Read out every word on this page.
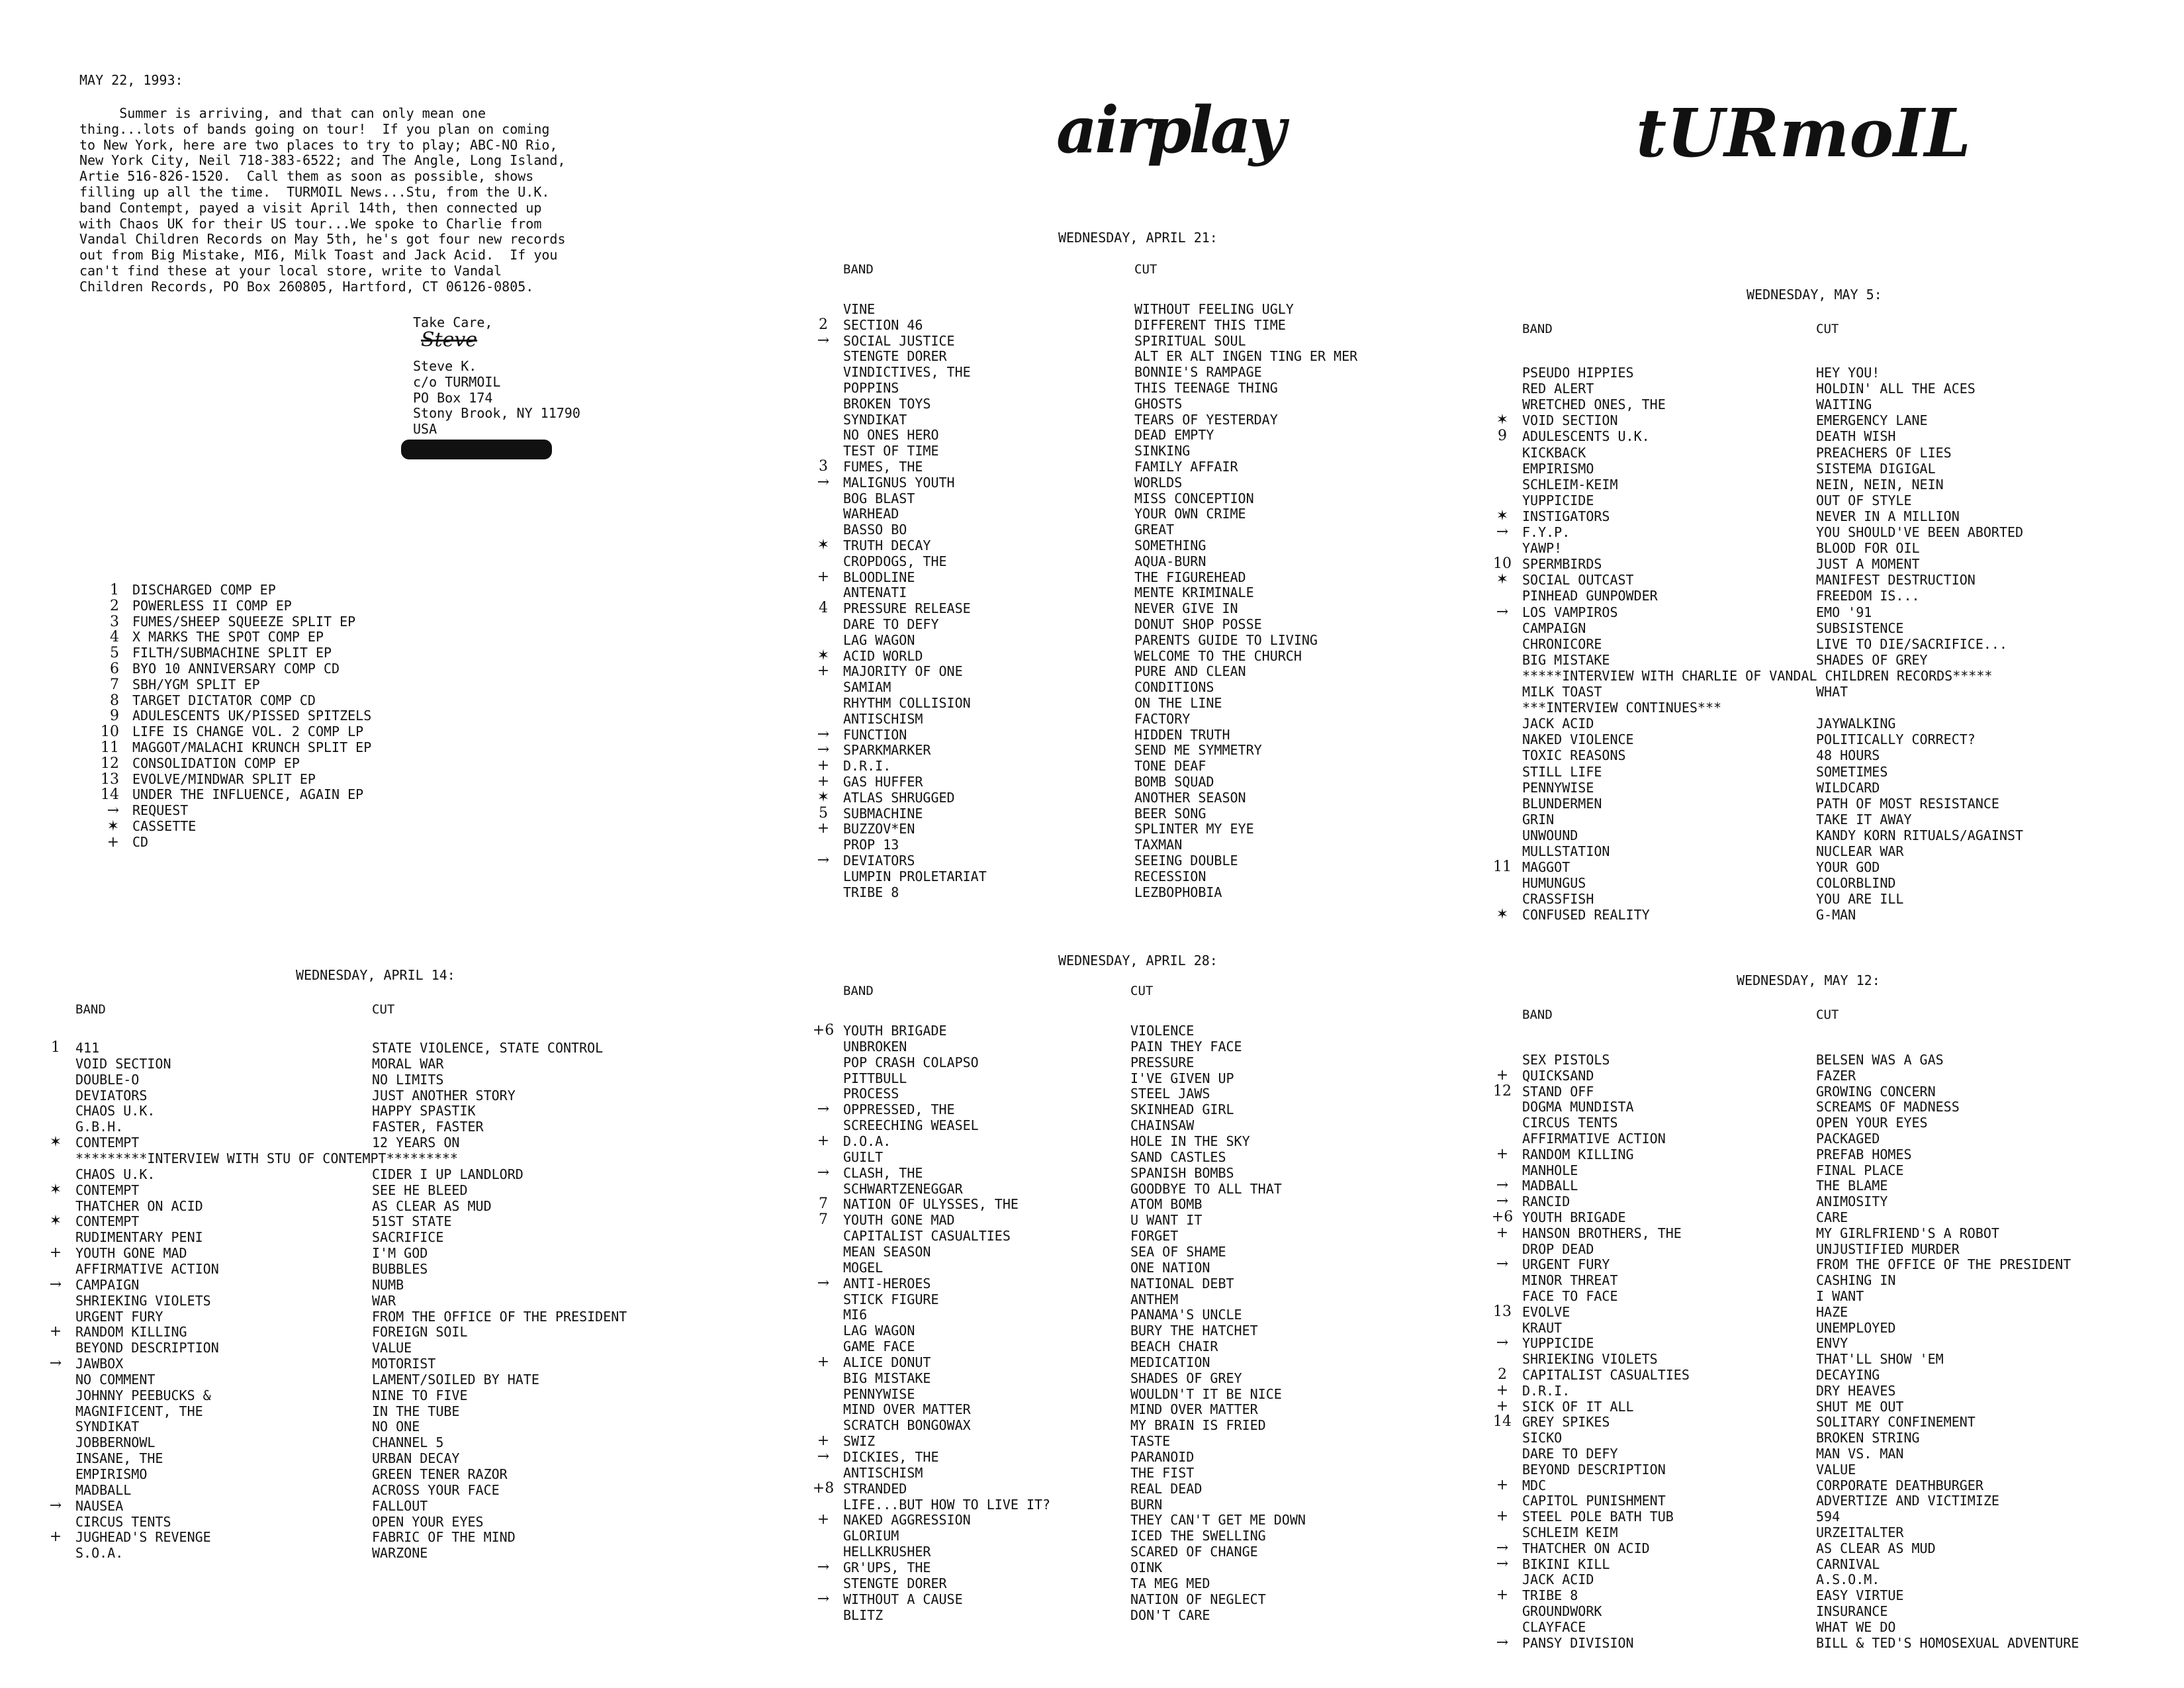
MAY 22, 1993:
Summer is arriving, and that can only mean one
thing...lots of bands going on tour!  If you plan on coming
to New York, here are two places to try to play; ABC-NO Rio,
New York City, Neil 718-383-6522; and The Angle, Long Island,
Artie 516-826-1520.  Call them as soon as possible, shows
filling up all the time.  TURMOIL News...Stu, from the U.K.
band Contempt, payed a visit April 14th, then connected up
with Chaos UK for their US tour...We spoke to Charlie from
Vandal Children Records on May 5th, he's got four new records
out from Big Mistake, MI6, Milk Toast and Jack Acid.  If you
can't find these at your local store, write to Vandal
Children Records, PO Box 260805, Hartford, CT 06126-0805.
Take Care,
Steve
Steve K.
c/o TURMOIL
PO Box 174
Stony Brook, NY 11790
USA
airplay	tURmoIL
1 DISCHARGED COMP EP
2 POWERLESS II COMP EP
3 FUMES/SHEEP SQUEEZE SPLIT EP
4 X MARKS THE SPOT COMP EP
5 FILTH/SUBMACHINE SPLIT EP
6 BYO 10 ANNIVERSARY COMP CD
7 SBH/YGM SPLIT EP
8 TARGET DICTATOR COMP CD
9 ADULESCENTS UK/PISSED SPITZELS
10 LIFE IS CHANGE VOL. 2 COMP LP
11 MAGGOT/MALACHI KRUNCH SPLIT EP
12 CONSOLIDATION COMP EP
13 EVOLVE/MINDWAR SPLIT EP
14 UNDER THE INFLUENCE, AGAIN EP
→ REQUEST
✶ CASSETTE
+ CD
WEDNESDAY, APRIL 14:
BAND	CUT
1	411	STATE VIOLENCE, STATE CONTROL
VOID SECTION	MORAL WAR
DOUBLE-O	NO LIMITS
DEVIATORS	JUST ANOTHER STORY
CHAOS U.K.	HAPPY SPASTIK
G.B.H.	FASTER, FASTER
✶	CONTEMPT	12 YEARS ON
*********INTERVIEW WITH STU OF CONTEMPT*********
CHAOS U.K.	CIDER I UP LANDLORD
✶	CONTEMPT	SEE HE BLEED
THATCHER ON ACID	AS CLEAR AS MUD
✶	CONTEMPT	51ST STATE
RUDIMENTARY PENI	SACRIFICE
+	YOUTH GONE MAD	I'M GOD
AFFIRMATIVE ACTION	BUBBLES
→	CAMPAIGN	NUMB
SHRIEKING VIOLETS	WAR
URGENT FURY	FROM THE OFFICE OF THE PRESIDENT
+	RANDOM KILLING	FOREIGN SOIL
BEYOND DESCRIPTION	VALUE
→	JAWBOX	MOTORIST
NO COMMENT	LAMENT/SOILED BY HATE
JOHNNY PEEBUCKS &	NINE TO FIVE
MAGNIFICENT, THE	IN THE TUBE
SYNDIKAT	NO ONE
JOBBERNOWL	CHANNEL 5
INSANE, THE	URBAN DECAY
EMPIRISMO	GREEN TENER RAZOR
MADBALL	ACROSS YOUR FACE
→	NAUSEA	FALLOUT
CIRCUS TENTS	OPEN YOUR EYES
+	JUGHEAD'S REVENGE	FABRIC OF THE MIND
S.O.A.	WARZONE
WEDNESDAY, APRIL 21:
BAND	CUT
VINE	WITHOUT FEELING UGLY
2	SECTION 46	DIFFERENT THIS TIME
→	SOCIAL JUSTICE	SPIRITUAL SOUL
STENGTE DORER	ALT ER ALT INGEN TING ER MER
VINDICTIVES, THE	BONNIE'S RAMPAGE
POPPINS	THIS TEENAGE THING
BROKEN TOYS	GHOSTS
SYNDIKAT	TEARS OF YESTERDAY
NO ONES HERO	DEAD EMPTY
TEST OF TIME	SINKING
3	FUMES, THE	FAMILY AFFAIR
→	MALIGNUS YOUTH	WORLDS
BOG BLAST	MISS CONCEPTION
WARHEAD	YOUR OWN CRIME
BASSO BO	GREAT
✶	TRUTH DECAY	SOMETHING
CROPDOGS, THE	AQUA-BURN
+	BLOODLINE	THE FIGUREHEAD
ANTENATI	MENTE KRIMINALE
4	PRESSURE RELEASE	NEVER GIVE IN
DARE TO DEFY	DONUT SHOP POSSE
LAG WAGON	PARENTS GUIDE TO LIVING
✶	ACID WORLD	WELCOME TO THE CHURCH
+	MAJORITY OF ONE	PURE AND CLEAN
SAMIAM	CONDITIONS
RHYTHM COLLISION	ON THE LINE
ANTISCHISM	FACTORY
→	FUNCTION	HIDDEN TRUTH
→	SPARKMARKER	SEND ME SYMMETRY
+	D.R.I.	TONE DEAF
+	GAS HUFFER	BOMB SQUAD
✶	ATLAS SHRUGGED	ANOTHER SEASON
5	SUBMACHINE	BEER SONG
+	BUZZOV*EN	SPLINTER MY EYE
PROP 13	TAXMAN
→	DEVIATORS	SEEING DOUBLE
LUMPIN PROLETARIAT	RECESSION
TRIBE 8	LEZBOPHOBIA
WEDNESDAY, APRIL 28:
BAND	CUT
+6 YOUTH BRIGADE	VIOLENCE
UNBROKEN	PAIN THEY FACE
POP CRASH COLAPSO	PRESSURE
PITTBULL	I'VE GIVEN UP
PROCESS	STEEL JAWS
→	OPPRESSED, THE	SKINHEAD GIRL
SCREECHING WEASEL	CHAINSAW
+	D.O.A.	HOLE IN THE SKY
GUILT	SAND CASTLES
→	CLASH, THE	SPANISH BOMBS
SCHWARTZENEGGAR	GOODBYE TO ALL THAT
7	NATION OF ULYSSES, THE	ATOM BOMB
7	YOUTH GONE MAD	U WANT IT
CAPITALIST CASUALTIES	FORGET
MEAN SEASON	SEA OF SHAME
MOGEL	ONE NATION
→	ANTI-HEROES	NATIONAL DEBT
STICK FIGURE	ANTHEM
MI6	PANAMA'S UNCLE
LAG WAGON	BURY THE HATCHET
GAME FACE	BEACH CHAIR
+	ALICE DONUT	MEDICATION
BIG MISTAKE	SHADES OF GREY
PENNYWISE	WOULDN'T IT BE NICE
MIND OVER MATTER	MIND OVER MATTER
SCRATCH BONGOWAX	MY BRAIN IS FRIED
+	SWIZ	TASTE
→	DICKIES, THE	PARANOID
ANTISCHISM	THE FIST
+8 STRANDED	REAL DEAD
LIFE...BUT HOW TO LIVE IT?	BURN
+	NAKED AGGRESSION	THEY CAN'T GET ME DOWN
GLORIUM	ICED THE SWELLING
HELLKRUSHER	SCARED OF CHANGE
→	GR'UPS, THE	OINK
STENGTE DORER	TA MEG MED
→	WITHOUT A CAUSE	NATION OF NEGLECT
BLITZ	DON'T CARE
WEDNESDAY, MAY 5:
BAND	CUT
PSEUDO HIPPIES	HEY YOU!
RED ALERT	HOLDIN' ALL THE ACES
WRETCHED ONES, THE	WAITING
✶	VOID SECTION	EMERGENCY LANE
9	ADULESCENTS U.K.	DEATH WISH
KICKBACK	PREACHERS OF LIES
EMPIRISMO	SISTEMA DIGIGAL
SCHLEIM-KEIM	NEIN, NEIN, NEIN
YUPPICIDE	OUT OF STYLE
✶	INSTIGATORS	NEVER IN A MILLION
→	F.Y.P.	YOU SHOULD'VE BEEN ABORTED
YAWP!	BLOOD FOR OIL
10 SPERMBIRDS	JUST A MOMENT
✶	SOCIAL OUTCAST	MANIFEST DESTRUCTION
PINHEAD GUNPOWDER	FREEDOM IS...
→	LOS VAMPIROS	EMO '91
CAMPAIGN	SUBSISTENCE
CHRONICORE	LIVE TO DIE/SACRIFICE...
BIG MISTAKE	SHADES OF GREY
*****INTERVIEW WITH CHARLIE OF VANDAL CHILDREN RECORDS*****
MILK TOAST	WHAT
***INTERVIEW CONTINUES***
JACK ACID	JAYWALKING
NAKED VIOLENCE	POLITICALLY CORRECT?
TOXIC REASONS	48 HOURS
STILL LIFE	SOMETIMES
PENNYWISE	WILDCARD
BLUNDERMEN	PATH OF MOST RESISTANCE
GRIN	TAKE IT AWAY
UNWOUND	KANDY KORN RITUALS/AGAINST
MULLSTATION	NUCLEAR WAR
11 MAGGOT	YOUR GOD
HUMUNGUS	COLORBLIND
CRASSFISH	YOU ARE ILL
✶	CONFUSED REALITY	G-MAN
WEDNESDAY, MAY 12:
BAND	CUT
SEX PISTOLS	BELSEN WAS A GAS
+	QUICKSAND	FAZER
12 STAND OFF	GROWING CONCERN
DOGMA MUNDISTA	SCREAMS OF MADNESS
CIRCUS TENTS	OPEN YOUR EYES
AFFIRMATIVE ACTION	PACKAGED
+	RANDOM KILLING	PREFAB HOMES
MANHOLE	FINAL PLACE
→	MADBALL	THE BLAME
→	RANCID	ANIMOSITY
+6 YOUTH BRIGADE	CARE
+	HANSON BROTHERS, THE	MY GIRLFRIEND'S A ROBOT
DROP DEAD	UNJUSTIFIED MURDER
→	URGENT FURY	FROM THE OFFICE OF THE PRESIDENT
MINOR THREAT	CASHING IN
FACE TO FACE	I WANT
13 EVOLVE	HAZE
KRAUT	UNEMPLOYED
→	YUPPICIDE	ENVY
SHRIEKING VIOLETS	THAT'LL SHOW 'EM
2	CAPITALIST CASUALTIES	DECAYING
+	D.R.I.	DRY HEAVES
+	SICK OF IT ALL	SHUT ME OUT
14 GREY SPIKES	SOLITARY CONFINEMENT
SICKO	BROKEN STRING
DARE TO DEFY	MAN VS. MAN
BEYOND DESCRIPTION	VALUE
+	MDC	CORPORATE DEATHBURGER
CAPITOL PUNISHMENT	ADVERTIZE AND VICTIMIZE
+	STEEL POLE BATH TUB	594
SCHLEIM KEIM	URZEITALTER
→	THATCHER ON ACID	AS CLEAR AS MUD
→	BIKINI KILL	CARNIVAL
JACK ACID	A.S.O.M.
+	TRIBE 8	EASY VIRTUE
GROUNDWORK	INSURANCE
CLAYFACE	WHAT WE DO
→	PANSY DIVISION	BILL & TED'S HOMOSEXUAL ADVENTURE
